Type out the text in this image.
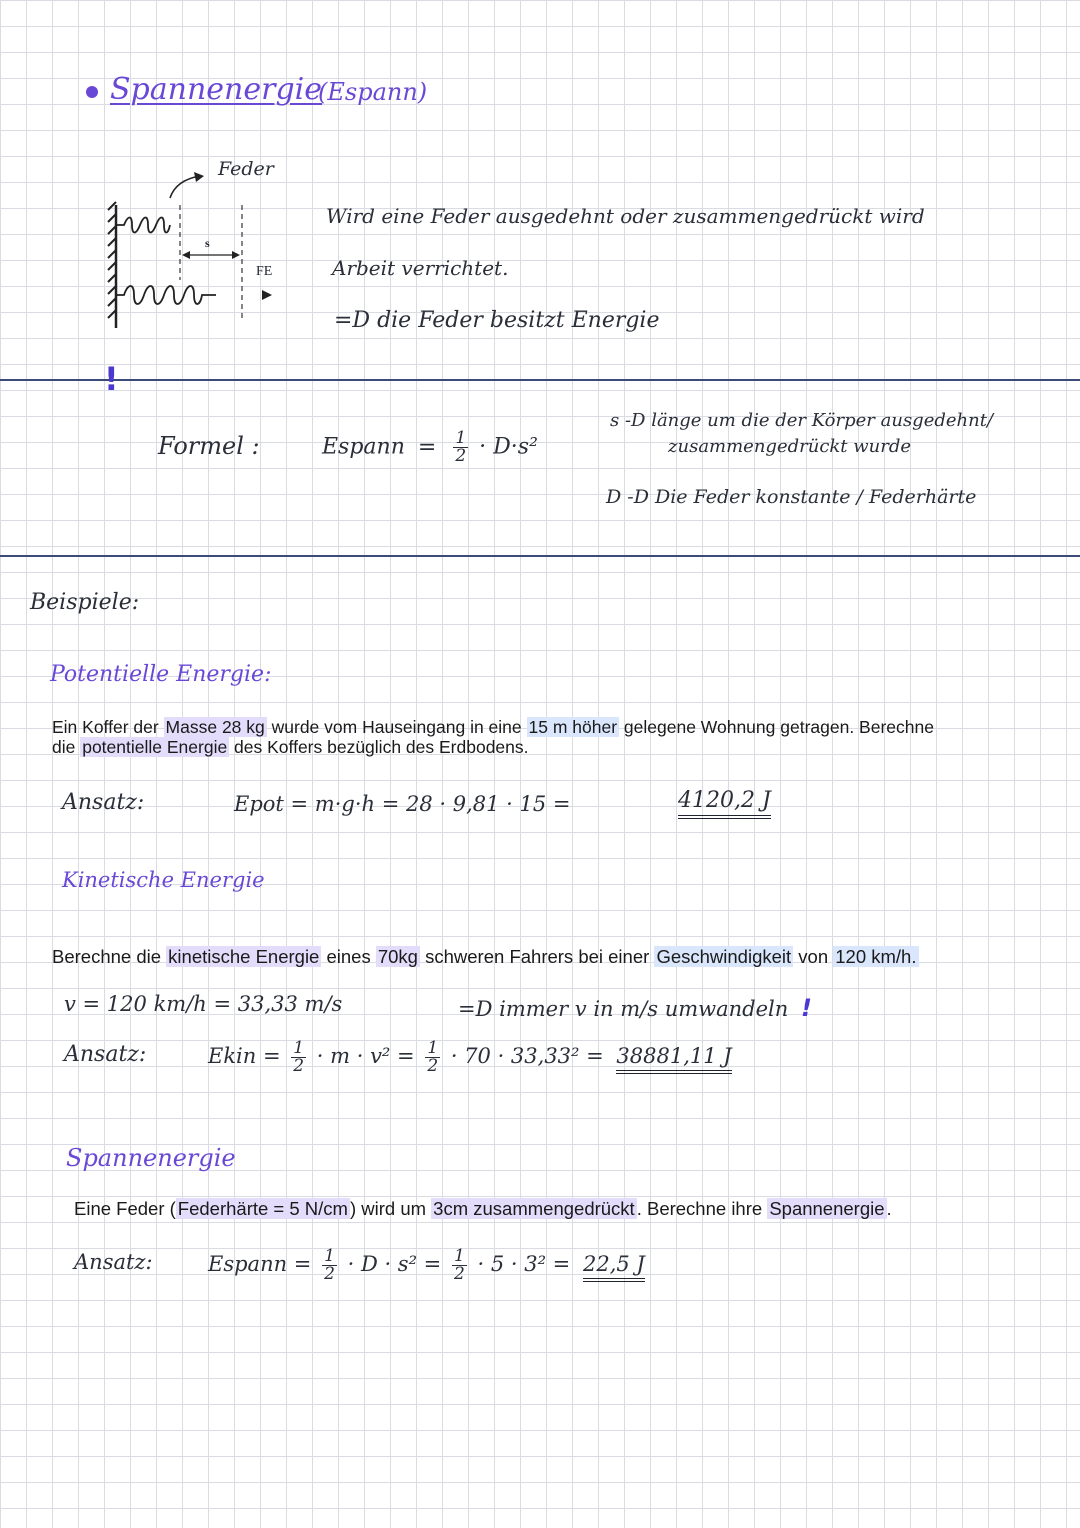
Spannenergie
(Espann)
Feder
s
FE
Wird eine Feder ausgedehnt oder zusammengedrückt wird
Arbeit verrichtet.
=D die Feder besitzt Energie
!
Formel :	Espann = $\frac{1}{2} \cdot D\cdot s^2$
s -D länge um die der Körper ausgedehnt/
zusammengedrückt wurde
D -D Die Feder konstante / Federhärte
Beispiele:
Potentielle Energie:
Ein Koffer der Masse 28 kg wurde vom Hauseingang in eine 15 m höher gelegene Wohnung getragen. Berechne
die potentielle Energie des Koffers bezüglich des Erdbodens.
Ansatz:	Epot = m·g·h = 28 · 9,81 · 15 =	4120,2 J
Kinetische Energie
Berechne die kinetische Energie eines 70kg schweren Fahrers bei einer Geschwindigkeit von 120 km/h.
v = 120 km/h = 33,33 m/s	=D immer v in m/s umwandeln !
Ansatz:	Ekin = $\frac{1}{2} \cdot m \cdot v^2 = \frac{1}{2} \cdot 70 \cdot 33,33^2 = 38881,11$ J
Spannenergie
Eine Feder ( Federhärte = 5 N/cm ) wird um 3cm zusammengedrückt . Berechne ihre Spannenergie .
Ansatz:	Espann = $\frac{1}{2} \cdot D \cdot s^2 = \frac{1}{2} \cdot 5 \cdot 3^2 = 22,5$ J
